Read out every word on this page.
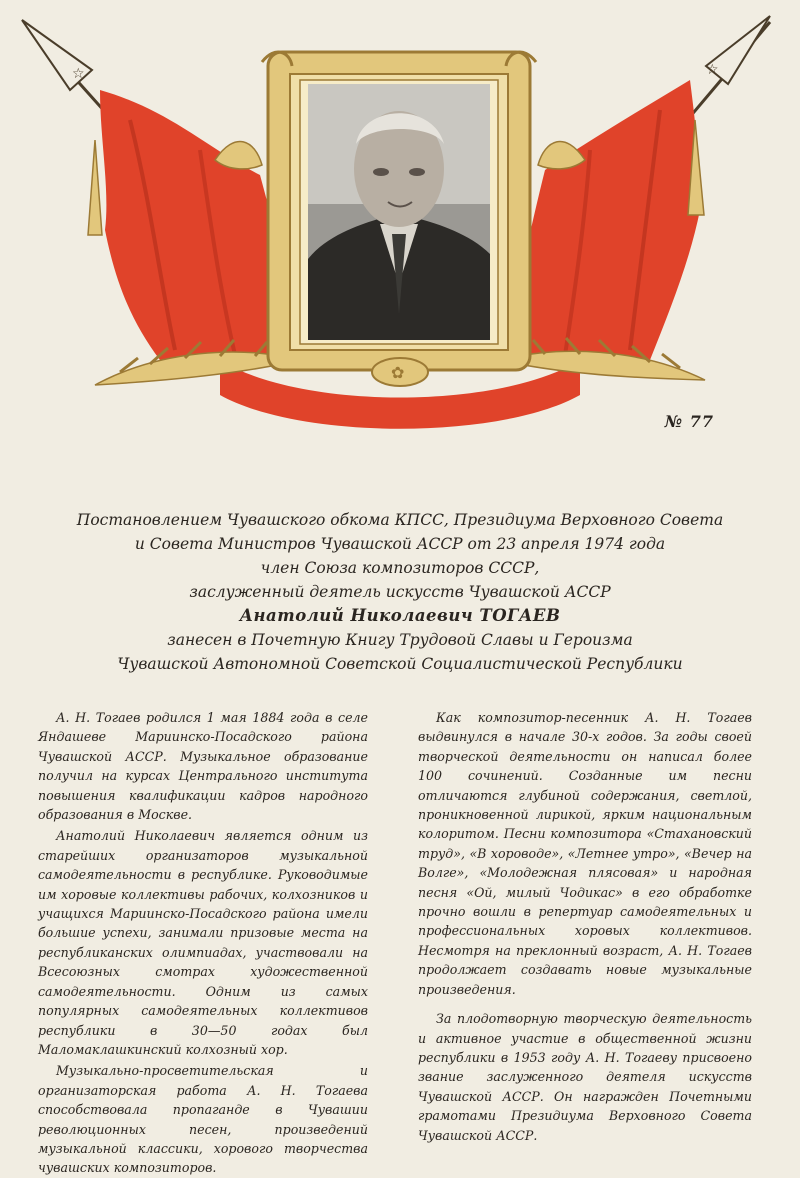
☆	☆
✿
№ 77
Постановлением Чувашского обкома КПСС, Президиума Верховного Совета
и Совета Министров Чувашской АССР от 23 апреля 1974 года
член Союза композиторов СССР,
заслуженный деятель искусств Чувашской АССР
Анатолий Николаевич ТОГАЕВ
занесен в Почетную Книгу Трудовой Славы и Героизма
Чувашской Автономной Советской Социалистической Республики

А. Н. Тогаев родился 1 мая 1884 года в селе Яндашеве Мариинско-Посадского района Чувашской АССР. Музыкальное образование получил на курсах Центрального института повышения квалификации кадров народного образования в Москве.

Анатолий Николаевич является одним из старейших организаторов музыкальной самодеятельности в республике. Руководимые им хоровые коллективы рабочих, колхозников и учащихся Мариинско-Посадского района имели большие успехи, занимали призовые места на республиканских олимпиадах, участвовали на Всесоюзных смотрах художественной самодеятельности. Одним из самых популярных самодеятельных коллективов республики в 30—50 годах был Маломаклашкинский колхозный хор.

Музыкально-просветительская и организаторская работа А. Н. Тогаева способствовала пропаганде в Чувашии революционных песен, произведений музыкальной классики, хорового творчества чувашских композиторов.

Как композитор-песенник А. Н. Тогаев выдвинулся в начале 30-х годов. За годы своей творческой деятельности он написал более 100 сочинений. Созданные им песни отличаются глубиной содержания, светлой, проникновенной лирикой, ярким национальным колоритом. Песни композитора «Стахановский труд», «В хороводе», «Летнее утро», «Вечер на Волге», «Молодежная плясовая» и народная песня «Ой, милый Чодикас» в его обработке прочно вошли в репертуар самодеятельных и профессиональных хоровых коллективов. Несмотря на преклонный возраст, А. Н. Тогаев продолжает создавать новые музыкальные произведения.

За плодотворную творческую деятельность и активное участие в общественной жизни республики в 1953 году А. Н. Тогаеву присвоено звание заслуженного деятеля искусств Чувашской АССР. Он награжден Почетными грамотами Президиума Верховного Совета Чувашской АССР.
